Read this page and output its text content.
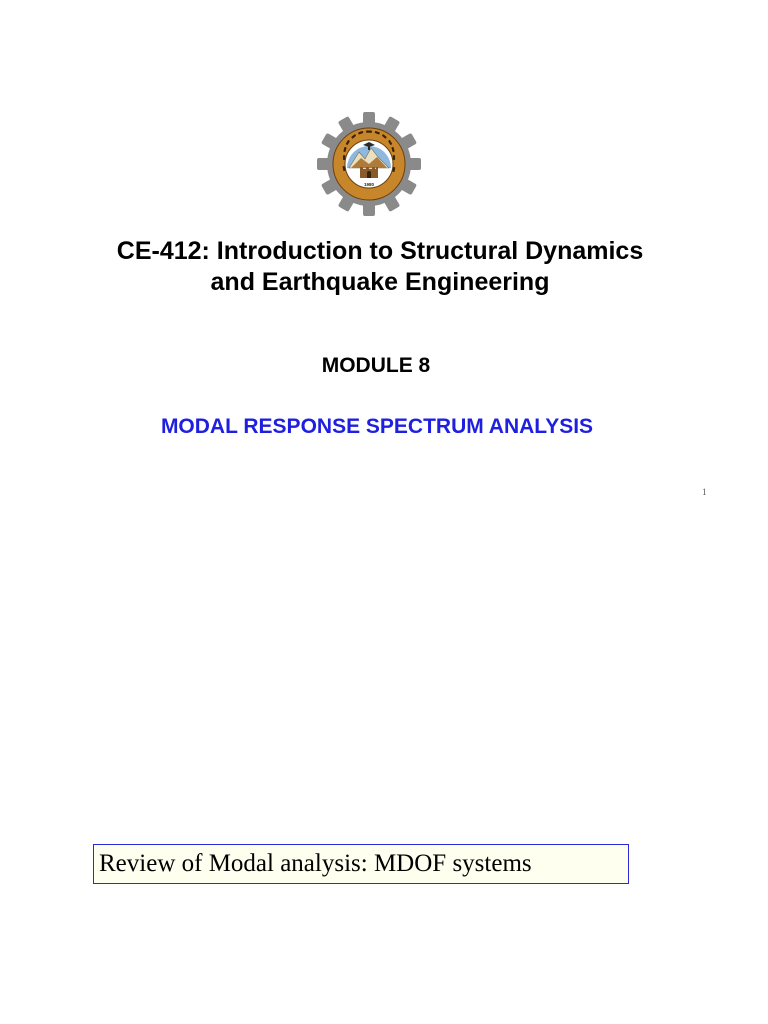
1980
CE-412: Introduction to Structural Dynamics
and Earthquake Engineering
MODULE 8
MODAL RESPONSE SPECTRUM ANALYSIS
1
Review of Modal analysis: MDOF systems
